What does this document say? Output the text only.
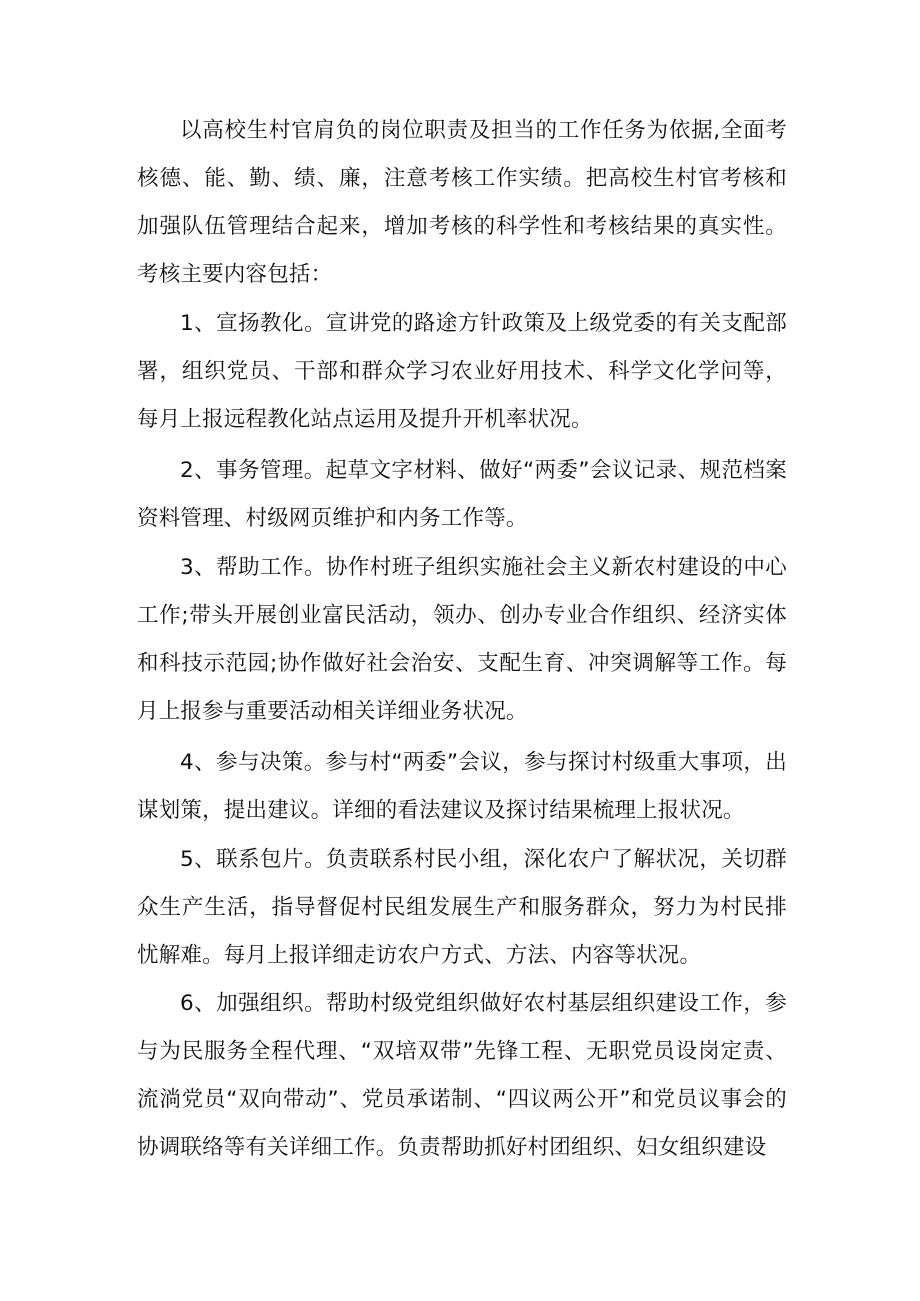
以高校生村官肩负的岗位职责及担当的工作任务为依据,全面考核德、能、勤、绩、廉，注意考核工作实绩。把高校生村官考核和加强队伍管理结合起来，增加考核的科学性和考核结果的真实性。考核主要内容包括：

1、宣扬教化。宣讲党的路途方针政策及上级党委的有关支配部署，组织党员、干部和群众学习农业好用技术、科学文化学问等，每月上报远程教化站点运用及提升开机率状况。

2、事务管理。起草文字材料、做好“两委”会议记录、规范档案资料管理、村级网页维护和内务工作等。

3、帮助工作。协作村班子组织实施社会主义新农村建设的中心工作;带头开展创业富民活动，领办、创办专业合作组织、经济实体和科技示范园;协作做好社会治安、支配生育、冲突调解等工作。每月上报参与重要活动相关详细业务状况。

4、参与决策。参与村“两委”会议，参与探讨村级重大事项，出谋划策，提出建议。详细的看法建议及探讨结果梳理上报状况。

5、联系包片。负责联系村民小组，深化农户了解状况，关切群众生产生活，指导督促村民组发展生产和服务群众，努力为村民排忧解难。每月上报详细走访农户方式、方法、内容等状况。

6、加强组织。帮助村级党组织做好农村基层组织建设工作，参与为民服务全程代理、“双培双带”先锋工程、无职党员设岗定责、流淌党员“双向带动”、党员承诺制、“四议两公开”和党员议事会的协调联络等有关详细工作。负责帮助抓好村团组织、妇女组织建设
